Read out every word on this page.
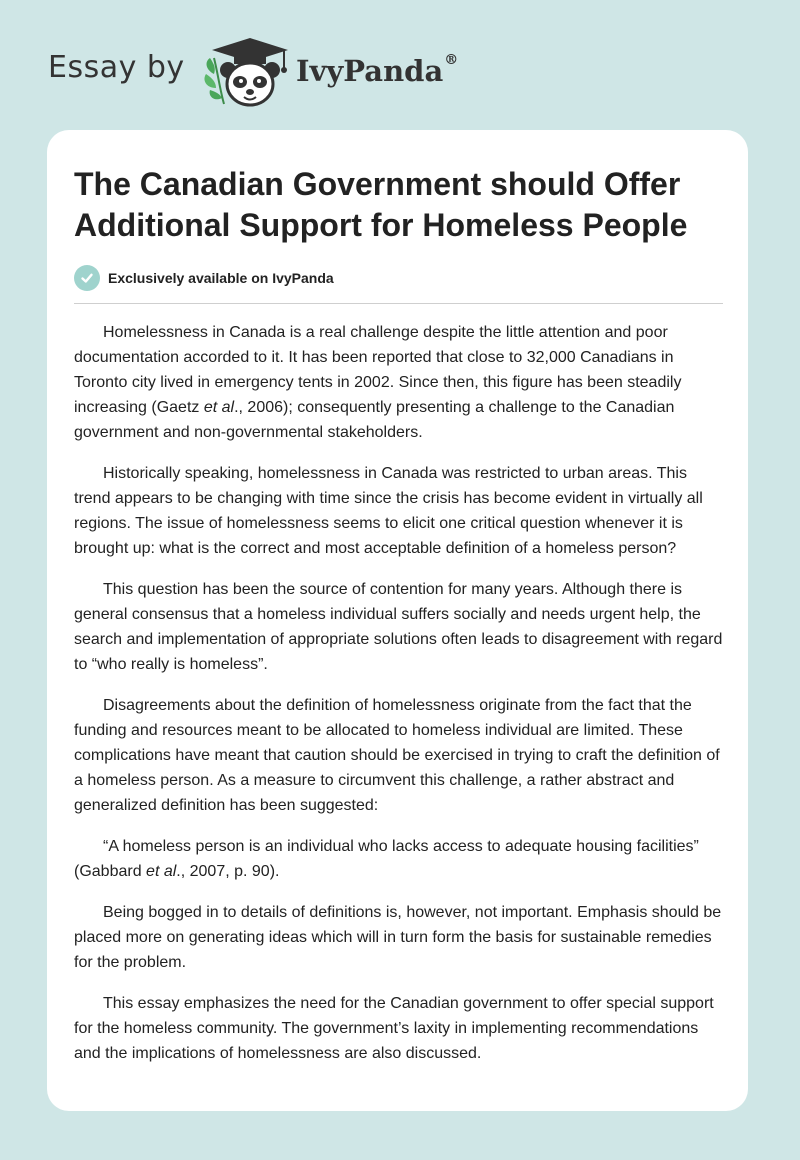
Essay by	IvyPanda®
The Canadian Government should Offer Additional Support for Homeless People
Exclusively available on IvyPanda

Homelessness in Canada is a real challenge despite the little attention and poor documentation accorded to it. It has been reported that close to 32,000 Canadians in Toronto city lived in emergency tents in 2002. Since then, this figure has been steadily increasing (Gaetz et al., 2006); consequently presenting a challenge to the Canadian government and non-governmental stakeholders.

Historically speaking, homelessness in Canada was restricted to urban areas. This trend appears to be changing with time since the crisis has become evident in virtually all regions. The issue of homelessness seems to elicit one critical question whenever it is brought up: what is the correct and most acceptable definition of a homeless person?

This question has been the source of contention for many years. Although there is general consensus that a homeless individual suffers socially and needs urgent help, the search and implementation of appropriate solutions often leads to disagreement with regard to “who really is homeless”.

Disagreements about the definition of homelessness originate from the fact that the funding and resources meant to be allocated to homeless individual are limited. These complications have meant that caution should be exercised in trying to craft the definition of a homeless person. As a measure to circumvent this challenge, a rather abstract and generalized definition has been suggested:

“A homeless person is an individual who lacks access to adequate housing facilities” (Gabbard et al., 2007, p. 90).

Being bogged in to details of definitions is, however, not important. Emphasis should be placed more on generating ideas which will in turn form the basis for sustainable remedies for the problem.

This essay emphasizes the need for the Canadian government to offer special support for the homeless community. The government’s laxity in implementing recommendations and the implications of homelessness are also discussed.
